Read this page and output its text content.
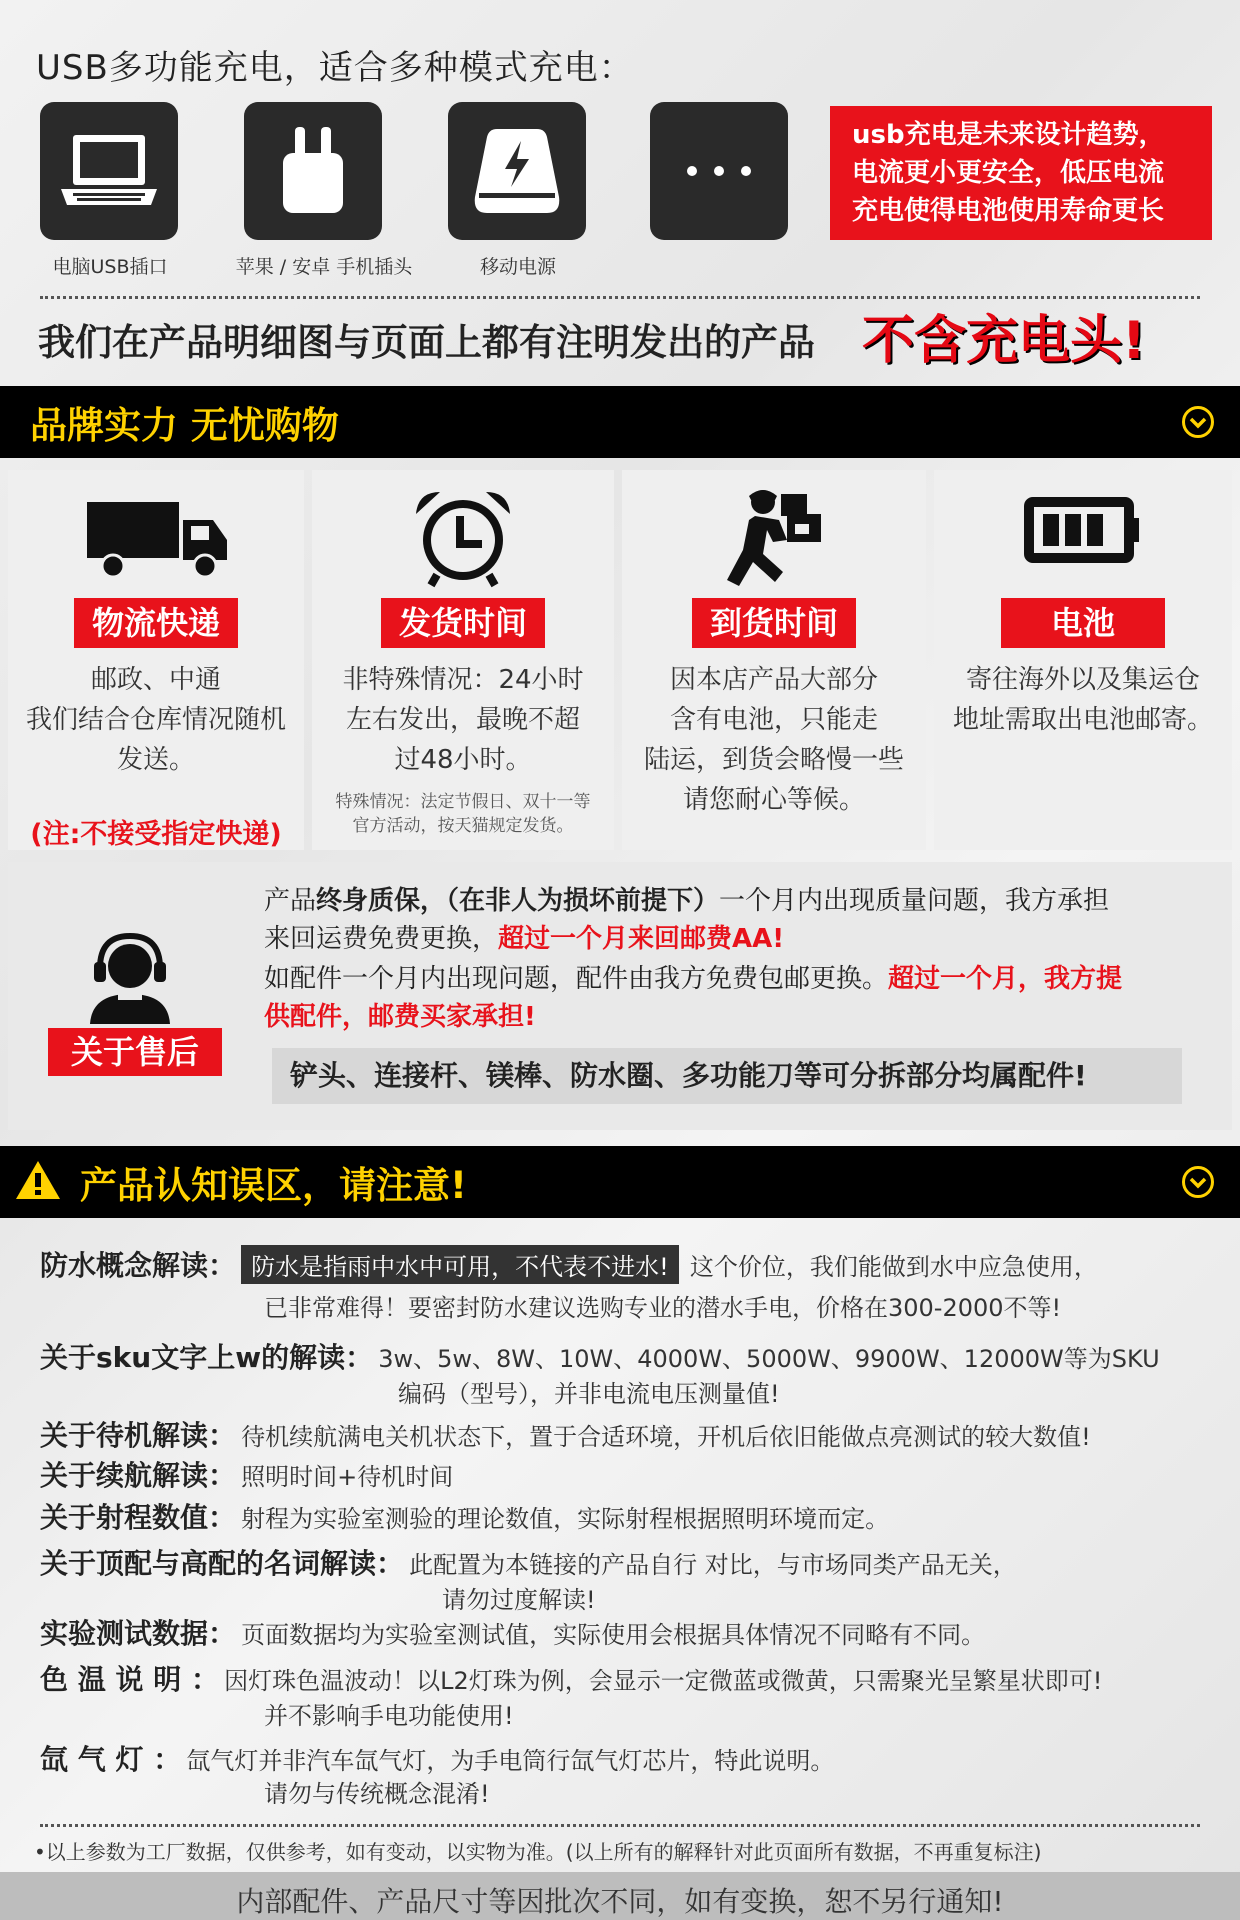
USB多功能充电，适合多种模式充电：
电脑USB插口	苹果 / 安卓 手机插头	移动电源
usb充电是未来设计趋势，
电流更小更安全，低压电流
充电使得电池使用寿命更长
我们在产品明细图与页面上都有注明发出的产品 不含充电头!
品牌实力 无忧购物
物流快递
邮政、中通
我们结合仓库情况随机
发送。
(注:不接受指定快递)
发货时间
非特殊情况：24小时
左右发出，最晚不超
过48小时。
特殊情况：法定节假日、双十一等
官方活动，按天猫规定发货。
到货时间
因本店产品大部分
含有电池，只能走
陆运，到货会略慢一些
请您耐心等候。
电池
寄往海外以及集运仓
地址需取出电池邮寄。
关于售后
产品终身质保，（在非人为损坏前提下）一个月内出现质量问题，我方承担
来回运费免费更换，超过一个月来回邮费AA!
如配件一个月内出现问题，配件由我方免费包邮更换。超过一个月，我方提
供配件，邮费买家承担!
铲头、连接杆、镁棒、防水圈、多功能刀等可分拆部分均属配件!
产品认知误区，请注意!
防水概念解读： 防水是指雨中水中可用，不代表不进水! 这个价位，我们能做到水中应急使用，
已非常难得！要密封防水建议选购专业的潜水手电，价格在300-2000不等!
关于sku文字上w的解读： 3w、5w、8W、10W、4000W、5000W、9900W、12000W等为SKU
编码（型号），并非电流电压测量值!
关于待机解读： 待机续航满电关机状态下，置于合适环境，开机后依旧能做点亮测试的较大数值!
关于续航解读： 照明时间+待机时间
关于射程数值： 射程为实验室测验的理论数值，实际射程根据照明环境而定。
关于顶配与高配的名词解读： 此配置为本链接的产品自行 对比，与市场同类产品无关，
请勿过度解读!
实验测试数据： 页面数据均为实验室测试值，实际使用会根据具体情况不同略有不同。
色 温 说 明 ： 因灯珠色温波动！以L2灯珠为例，会显示一定微蓝或微黄，只需聚光呈繁星状即可!
并不影响手电功能使用!
氙 气 灯 ： 氙气灯并非汽车氙气灯，为手电筒行氙气灯芯片，特此说明。
请勿与传统概念混淆!
•以上参数为工厂数据，仅供参考，如有变动，以实物为准。(以上所有的解释针对此页面所有数据，不再重复标注)
内部配件、产品尺寸等因批次不同，如有变换，恕不另行通知!
